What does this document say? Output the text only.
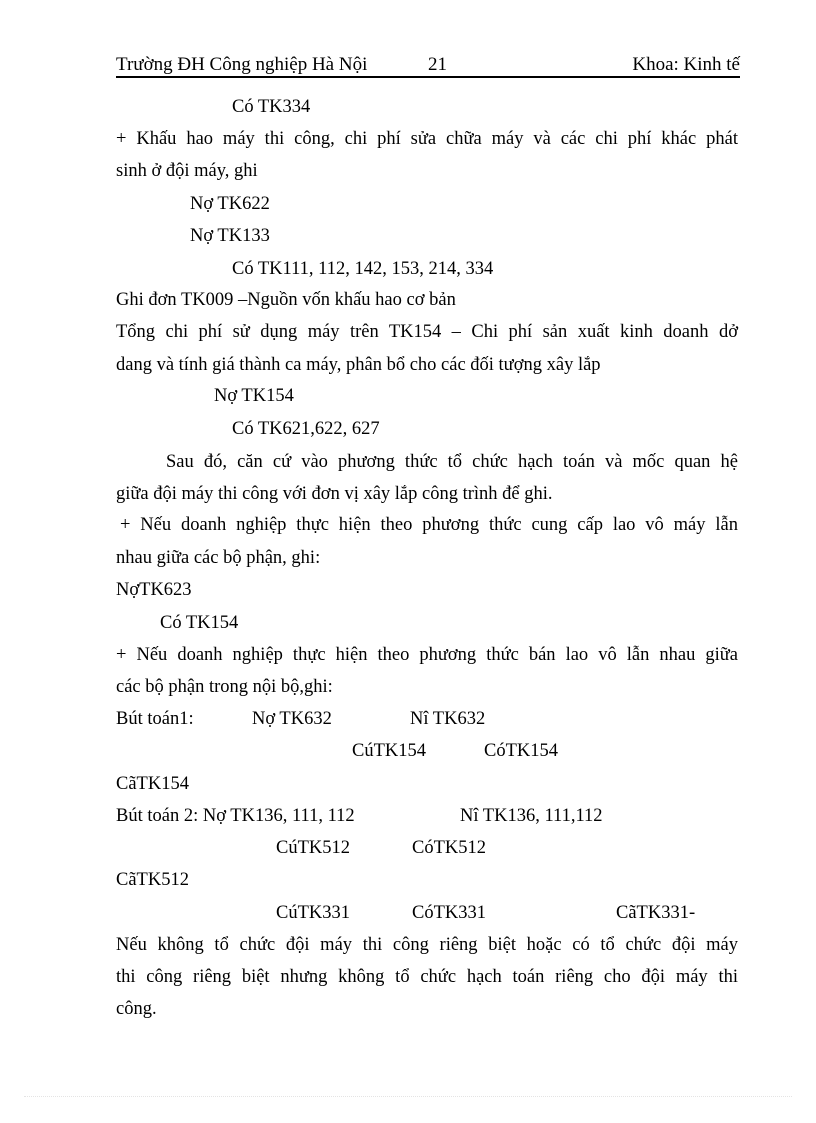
Trường ĐH Công nghiệp Hà Nội	21	Khoa: Kinh tế
Có TK334
+ Khấu hao máy thi công, chi phí sửa chữa máy và các chi phí khác phát
sinh ở đội máy, ghi
Nợ TK622
Nợ TK133
Có TK111, 112, 142, 153, 214, 334
Ghi đơn TK009 –Nguồn vốn khấu hao cơ bản
Tổng chi phí sử dụng máy trên TK154 – Chi phí sản xuất kinh doanh dở
dang và tính giá thành ca máy, phân bổ cho các đối tượng xây lắp
Nợ TK154
Có TK621,622, 627
Sau đó, căn cứ vào phương thức tổ chức hạch toán và mốc quan hệ
giữa đội máy thi công với đơn vị xây lắp công trình để ghi.
+ Nếu doanh nghiệp thực hiện theo phương thức cung cấp lao vô máy lẫn
nhau giữa các bộ phận, ghi:
NợTK623
Có TK154
+ Nếu doanh nghiệp thực hiện theo phương thức bán lao vô lẫn nhau giữa
các bộ phận trong nội bộ,ghi:
Bút toán1:	Nợ TK632	Nî TK632
CúTK154	CóTK154
CãTK154
Bút toán 2: Nợ TK136, 111, 112	Nî TK136, 111,112
CúTK512	CóTK512
CãTK512
CúTK331	CóTK331	CãTK331-
Nếu không tổ chức đội máy thi công riêng biệt hoặc có tổ chức đội máy
thi công riêng biệt nhưng không tổ chức hạch toán riêng cho đội máy thi
công.
